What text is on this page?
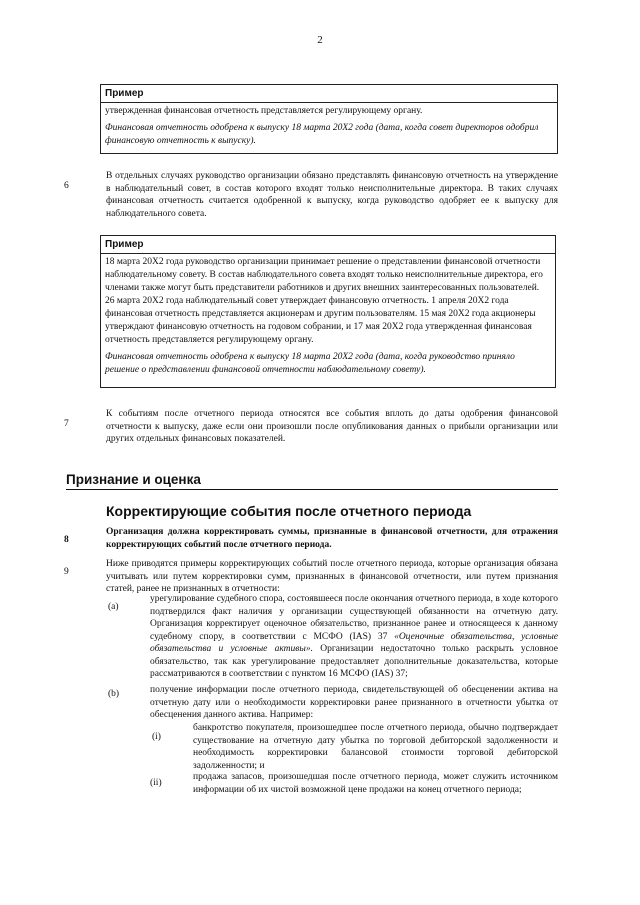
2
Пример
утвержденная финансовая отчетность представляется регулирующему органу.
Финансовая отчетность одобрена к выпуску 18 марта 20Х2 года (дата, когда совет директоров одобрил финансовую отчетность к выпуску).
6
В отдельных случаях руководство организации обязано представлять финансовую отчетность на утверждение в наблюдательный совет, в состав которого входят только неисполнительные директора. В таких случаях финансовая отчетность считается одобренной к выпуску, когда руководство одобряет ее к выпуску для наблюдательного совета.
Пример
18 марта 20Х2 года руководство организации принимает решение о представлении финансовой отчетности наблюдательному совету. В состав наблюдательного совета входят только неисполнительные директора, его членами также могут быть представители работников и других внешних заинтересованных пользователей. 26 марта 20Х2 года наблюдательный совет утверждает финансовую отчетность. 1 апреля 20Х2 года финансовая отчетность представляется акционерам и другим пользователям. 15 мая 20Х2 года акционеры утверждают финансовую отчетность на годовом собрании, и 17 мая 20Х2 года утвержденная финансовая отчетность представляется регулирующему органу.
Финансовая отчетность одобрена к выпуску 18 марта 20Х2 года (дата, когда руководство приняло решение о представлении финансовой отчетности наблюдательному совету).
7
К событиям после отчетного периода относятся все события вплоть до даты одобрения финансовой отчетности к выпуску, даже если они произошли после опубликования данных о прибыли организации или других отдельных финансовых показателей.
Признание и оценка
Корректирующие события после отчетного периода
8
Организация должна корректировать суммы, признанные в финансовой отчетности, для отражения корректирующих событий после отчетного периода.
9
Ниже приводятся примеры корректирующих событий после отчетного периода, которые организация обязана учитывать или путем корректировки сумм, признанных в финансовой отчетности, или путем признания статей, ранее не признанных в отчетности:
(a)
урегулирование судебного спора, состоявшееся после окончания отчетного периода, в ходе которого подтвердился факт наличия у организации существующей обязанности на отчетную дату. Организация корректирует оценочное обязательство, признанное ранее и относящееся к данному судебному спору, в соответствии с МСФО (IAS) 37 «Оценочные обязательства, условные обязательства и условные активы». Организации недостаточно только раскрыть условное обязательство, так как урегулирование предоставляет дополнительные доказательства, которые рассматриваются в соответствии с пунктом 16 МСФО (IAS) 37;
(b)	получение информации после отчетного периода, свидетельствующей об обесценении актива на отчетную дату или о необходимости корректировки ранее признанного в отчетности убытка от обесценения данного актива. Например:
(i)
банкротство покупателя, произошедшее после отчетного периода, обычно подтверждает существование на отчетную дату убытка по торговой дебиторской задолженности и необходимость корректировки балансовой стоимости торговой дебиторской задолженности; и
(ii)
продажа запасов, произошедшая после отчетного периода, может служить источником информации об их чистой возможной цене продажи на конец отчетного периода;
